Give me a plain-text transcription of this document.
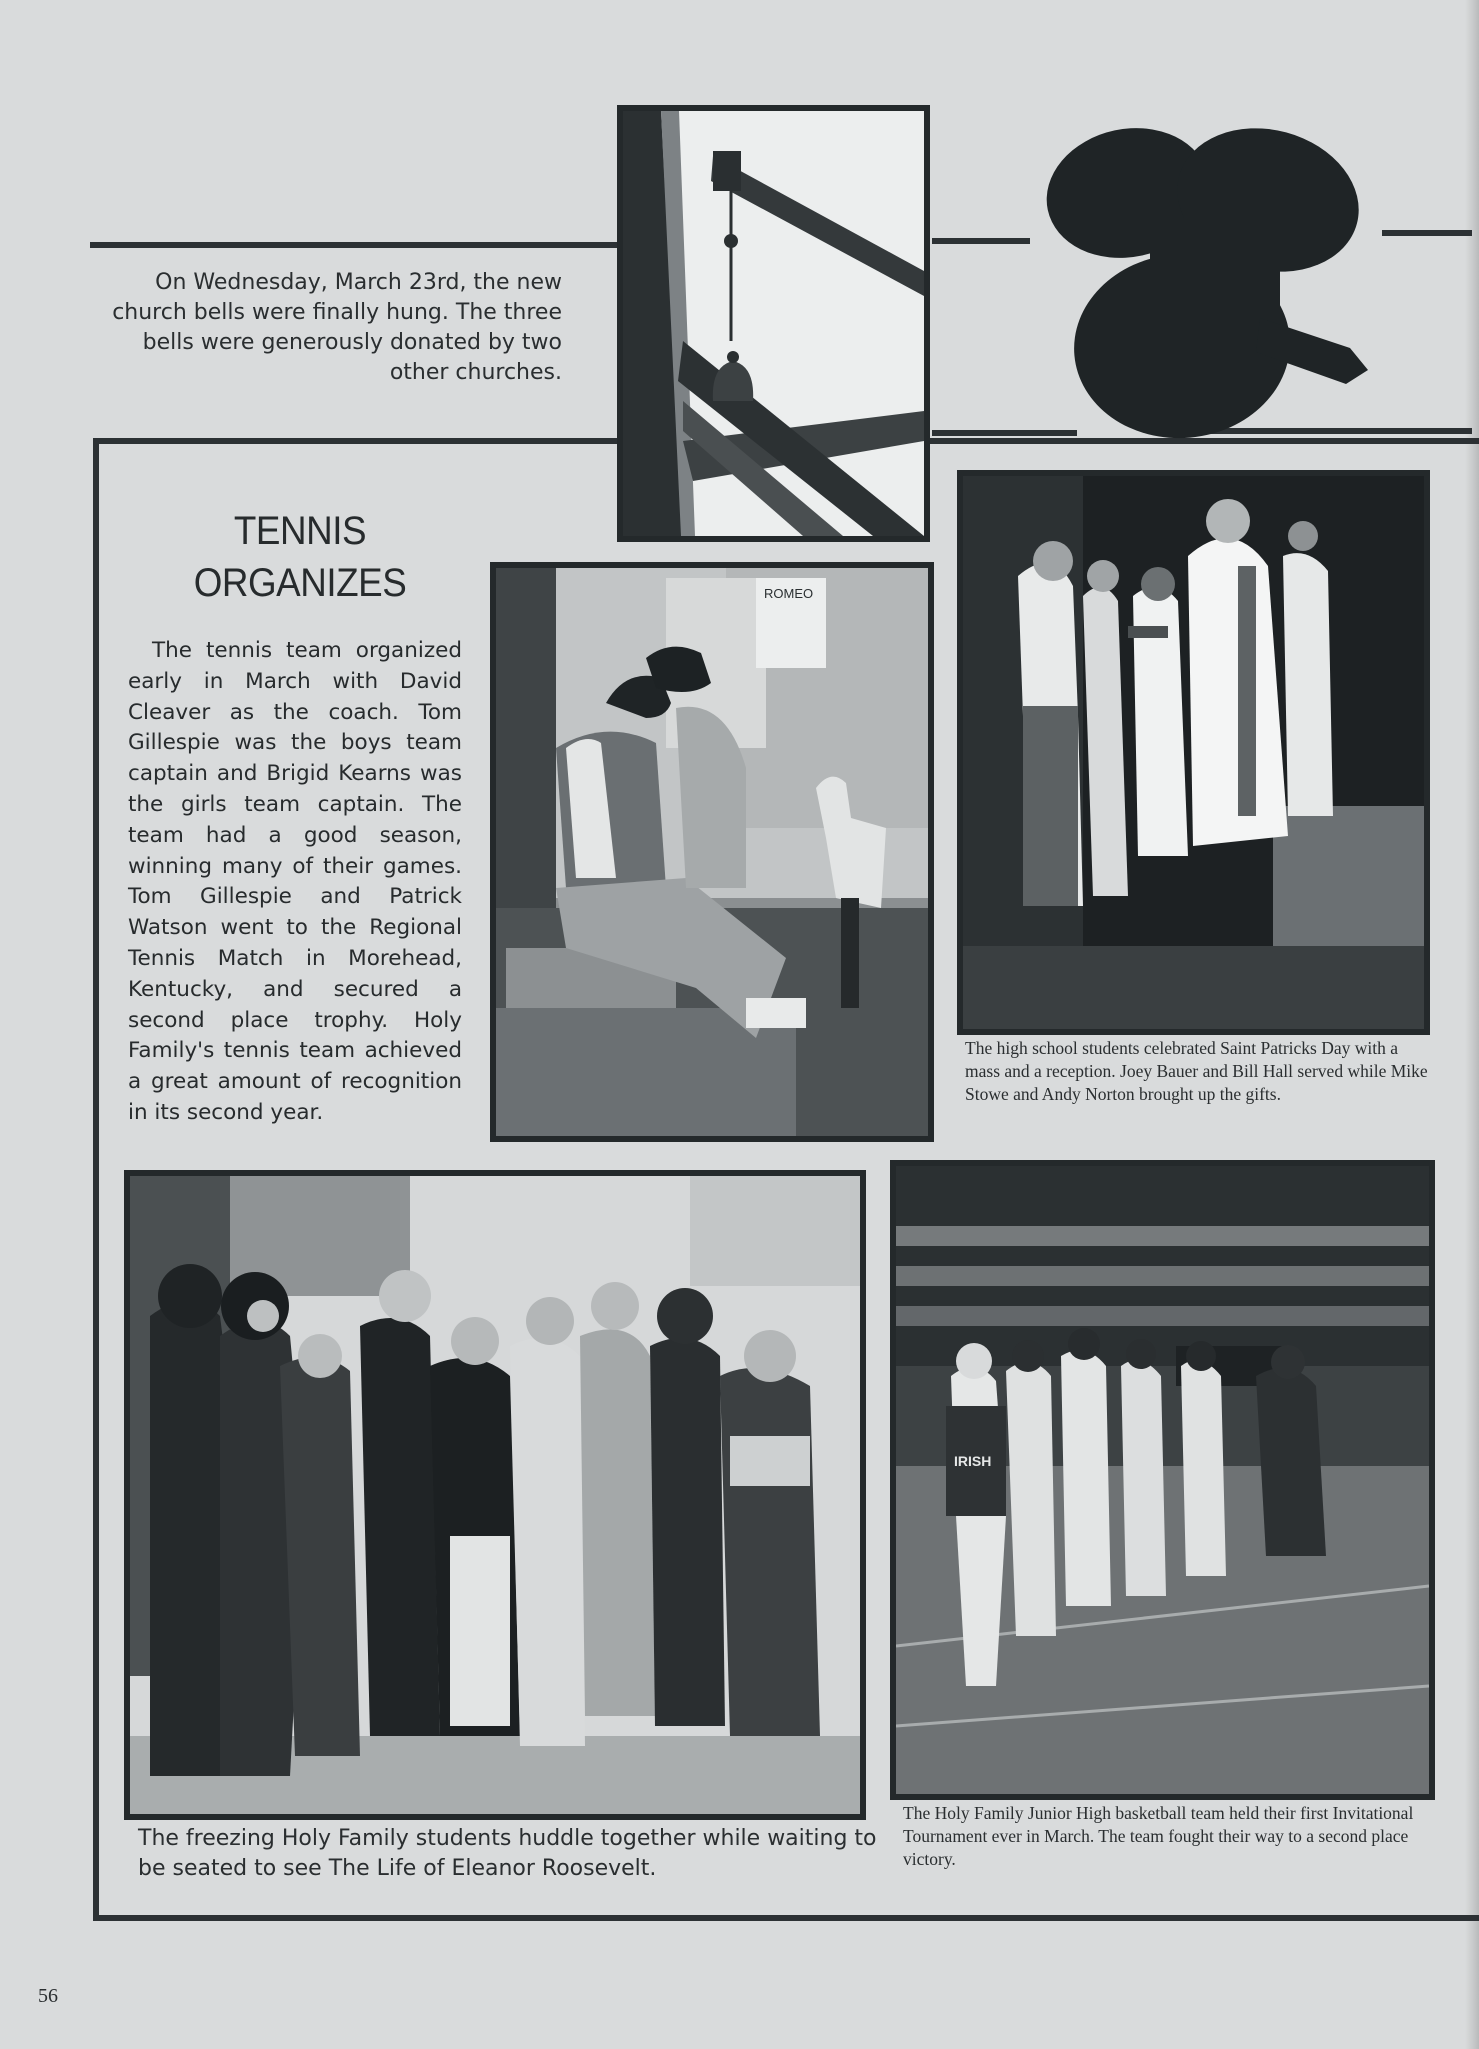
ROMEO
IRISH

On Wednesday, March 23rd, the new church bells were finally hung. The three bells were generously donated by two other churches.

TENNIS
ORGANIZES

The tennis team organized early in March with David Cleaver as the coach. Tom Gillespie was the boys team captain and Brigid Kearns was the girls team captain. The team had a good season, winning many of their games. Tom Gillespie and Patrick Watson went to the Regional Tennis Match in Morehead, Kentucky, and secured a second place trophy. Holy Family's tennis team achieved a great amount of recognition in its second year.

The high school students celebrated Saint Patricks Day with a mass and a reception. Joey Bauer and Bill Hall served while Mike Stowe and Andy Norton brought up the gifts.

The freezing Holy Family students huddle together while waiting to be seated to see The Life of Eleanor Roosevelt.

The Holy Family Junior High basketball team held their first Invitational Tournament ever in March. The team fought their way to a second place victory.

56
